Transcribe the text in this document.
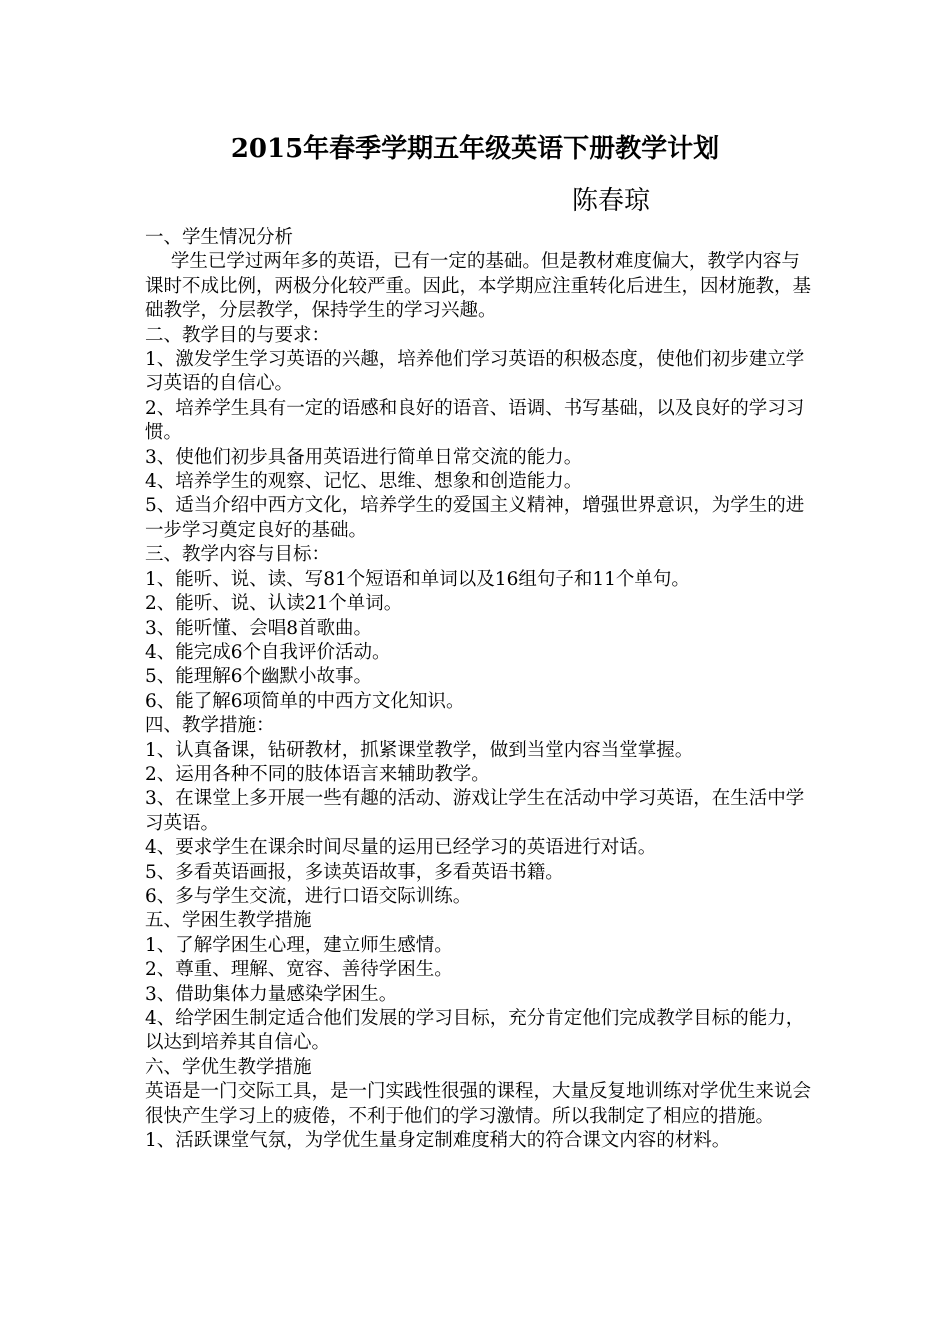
2015年春季学期五年级英语下册教学计划
陈春琼

一、学生情况分析

学生已学过两年多的英语，已有一定的基础。但是教材难度偏大，教学内容与课时不成比例，两极分化较严重。因此，本学期应注重转化后进生，因材施教，基础教学，分层教学，保持学生的学习兴趣。

二、教学目的与要求：

1、激发学生学习英语的兴趣，培养他们学习英语的积极态度，使他们初步建立学习英语的自信心。

2、培养学生具有一定的语感和良好的语音、语调、书写基础，以及良好的学习习惯。

3、使他们初步具备用英语进行简单日常交流的能力。

4、培养学生的观察、记忆、思维、想象和创造能力。

5、适当介绍中西方文化，培养学生的爱国主义精神，增强世界意识，为学生的进一步学习奠定良好的基础。

三、教学内容与目标：

1、能听、说、读、写81个短语和单词以及16组句子和11个单句。

2、能听、说、认读21个单词。

3、能听懂、会唱8首歌曲。

4、能完成6个自我评价活动。

5、能理解6个幽默小故事。

6、能了解6项简单的中西方文化知识。

四、教学措施：

1、认真备课，钻研教材，抓紧课堂教学，做到当堂内容当堂掌握。

2、运用各种不同的肢体语言来辅助教学。

3、在课堂上多开展一些有趣的活动、游戏让学生在活动中学习英语，在生活中学习英语。

4、要求学生在课余时间尽量的运用已经学习的英语进行对话。

5、多看英语画报，多读英语故事，多看英语书籍。

6、多与学生交流，进行口语交际训练。

五、学困生教学措施

1、了解学困生心理，建立师生感情。

2、尊重、理解、宽容、善待学困生。

3、借助集体力量感染学困生。

4、给学困生制定适合他们发展的学习目标，充分肯定他们完成教学目标的能力，以达到培养其自信心。

六、学优生教学措施

英语是一门交际工具，是一门实践性很强的课程，大量反复地训练对学优生来说会很快产生学习上的疲倦，不利于他们的学习激情。所以我制定了相应的措施。

1、活跃课堂气氛，为学优生量身定制难度稍大的符合课文内容的材料。
